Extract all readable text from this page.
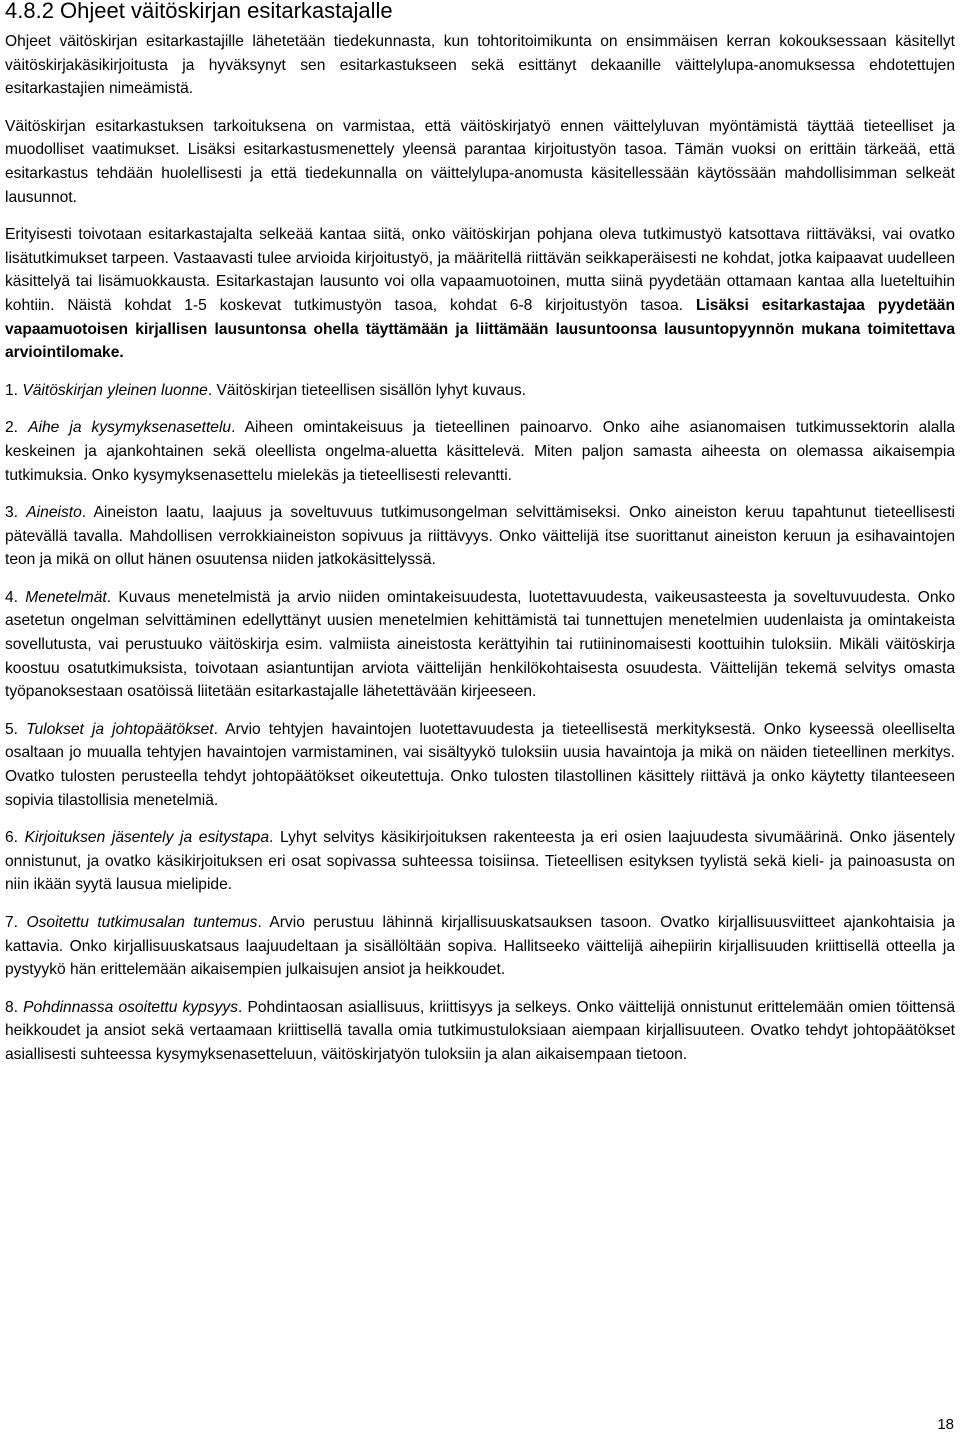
4.8.2 Ohjeet väitöskirjan esitarkastajalle

Ohjeet väitöskirjan esitarkastajille lähetetään tiedekunnasta, kun tohtoritoimikunta on ensimmäisen kerran kokouksessaan käsitellyt väitöskirjakäsikirjoitusta ja hyväksynyt sen esitarkastukseen sekä esittänyt dekaanille väittelylupa-anomuksessa ehdotettujen esitarkastajien nimeämistä.

Väitöskirjan esitarkastuksen tarkoituksena on varmistaa, että väitöskirjatyö ennen väittelyluvan myöntämistä täyttää tieteelliset ja muodolliset vaatimukset. Lisäksi esitarkastusmenettely yleensä parantaa kirjoitustyön tasoa. Tämän vuoksi on erittäin tärkeää, että esitarkastus tehdään huolellisesti ja että tiedekunnalla on väittelylupa-anomusta käsitellessään käytössään mahdollisimman selkeät lausunnot.

Erityisesti toivotaan esitarkastajalta selkeää kantaa siitä, onko väitöskirjan pohjana oleva tutkimustyö katsottava riittäväksi, vai ovatko lisätutkimukset tarpeen. Vastaavasti tulee arvioida kirjoitustyö, ja määritellä riittävän seikkaperäisesti ne kohdat, jotka kaipaavat uudelleen käsittelyä tai lisämuokkausta. Esitarkastajan lausunto voi olla vapaamuotoinen, mutta siinä pyydetään ottamaan kantaa alla lueteltuihin kohtiin. Näistä kohdat 1-5 koskevat tutkimustyön tasoa, kohdat 6-8 kirjoitustyön tasoa. Lisäksi esitarkastajaa pyydetään vapaamuotoisen kirjallisen lausuntonsa ohella täyttämään ja liittämään lausuntoonsa lausuntopyynnön mukana toimitettava arviointilomake.

1. Väitöskirjan yleinen luonne. Väitöskirjan tieteellisen sisällön lyhyt kuvaus.

2. Aihe ja kysymyksenasettelu. Aiheen omintakeisuus ja tieteellinen painoarvo. Onko aihe asianomaisen tutkimussektorin alalla keskeinen ja ajankohtainen sekä oleellista ongelma-aluetta käsittelevä. Miten paljon samasta aiheesta on olemassa aikaisempia tutkimuksia. Onko kysymyksenasettelu mielekäs ja tieteellisesti relevantti.

3. Aineisto. Aineiston laatu, laajuus ja soveltuvuus tutkimusongelman selvittämiseksi. Onko aineiston keruu tapahtunut tieteellisesti pätevällä tavalla. Mahdollisen verrokkiaineiston sopivuus ja riittävyys. Onko väittelijä itse suorittanut aineiston keruun ja esihavaintojen teon ja mikä on ollut hänen osuutensa niiden jatkokäsittelyssä.

4. Menetelmät. Kuvaus menetelmistä ja arvio niiden omintakeisuudesta, luotettavuudesta, vaikeusasteesta ja soveltuvuudesta. Onko asetetun ongelman selvittäminen edellyttänyt uusien menetelmien kehittämistä tai tunnettujen menetelmien uudenlaista ja omintakeista sovellutusta, vai perustuuko väitöskirja esim. valmiista aineistosta kerättyihin tai rutiininomaisesti koottuihin tuloksiin. Mikäli väitöskirja koostuu osatutkimuksista, toivotaan asiantuntijan arviota väittelijän henkilökohtaisesta osuudesta. Väittelijän tekemä selvitys omasta työpanoksestaan osatöissä liitetään esitarkastajalle lähetettävään kirjeeseen.

5. Tulokset ja johtopäätökset. Arvio tehtyjen havaintojen luotettavuudesta ja tieteellisestä merkityksestä. Onko kyseessä oleelliselta osaltaan jo muualla tehtyjen havaintojen varmistaminen, vai sisältyykö tuloksiin uusia havaintoja ja mikä on näiden tieteellinen merkitys. Ovatko tulosten perusteella tehdyt johtopäätökset oikeutettuja. Onko tulosten tilastollinen käsittely riittävä ja onko käytetty tilanteeseen sopivia tilastollisia menetelmiä.

6. Kirjoituksen jäsentely ja esitystapa. Lyhyt selvitys käsikirjoituksen rakenteesta ja eri osien laajuudesta sivumäärinä. Onko jäsentely onnistunut, ja ovatko käsikirjoituksen eri osat sopivassa suhteessa toisiinsa. Tieteellisen esityksen tyylistä sekä kieli- ja painoasusta on niin ikään syytä lausua mielipide.

7. Osoitettu tutkimusalan tuntemus. Arvio perustuu lähinnä kirjallisuuskatsauksen tasoon. Ovatko kirjallisuusviitteet ajankohtaisia ja kattavia. Onko kirjallisuuskatsaus laajuudeltaan ja sisällöltään sopiva. Hallitseeko väittelijä aihepiirin kirjallisuuden kriittisellä otteella ja pystyykö hän erittelemään aikaisempien julkaisujen ansiot ja heikkoudet.

8. Pohdinnassa osoitettu kypsyys. Pohdintaosan asiallisuus, kriittisyys ja selkeys. Onko väittelijä onnistunut erittelemään omien töittensä heikkoudet ja ansiot sekä vertaamaan kriittisellä tavalla omia tutkimustuloksiaan aiempaan kirjallisuuteen. Ovatko tehdyt johtopäätökset asiallisesti suhteessa kysymyksenasetteluun, väitöskirjatyön tuloksiin ja alan aikaisempaan tietoon.

18
